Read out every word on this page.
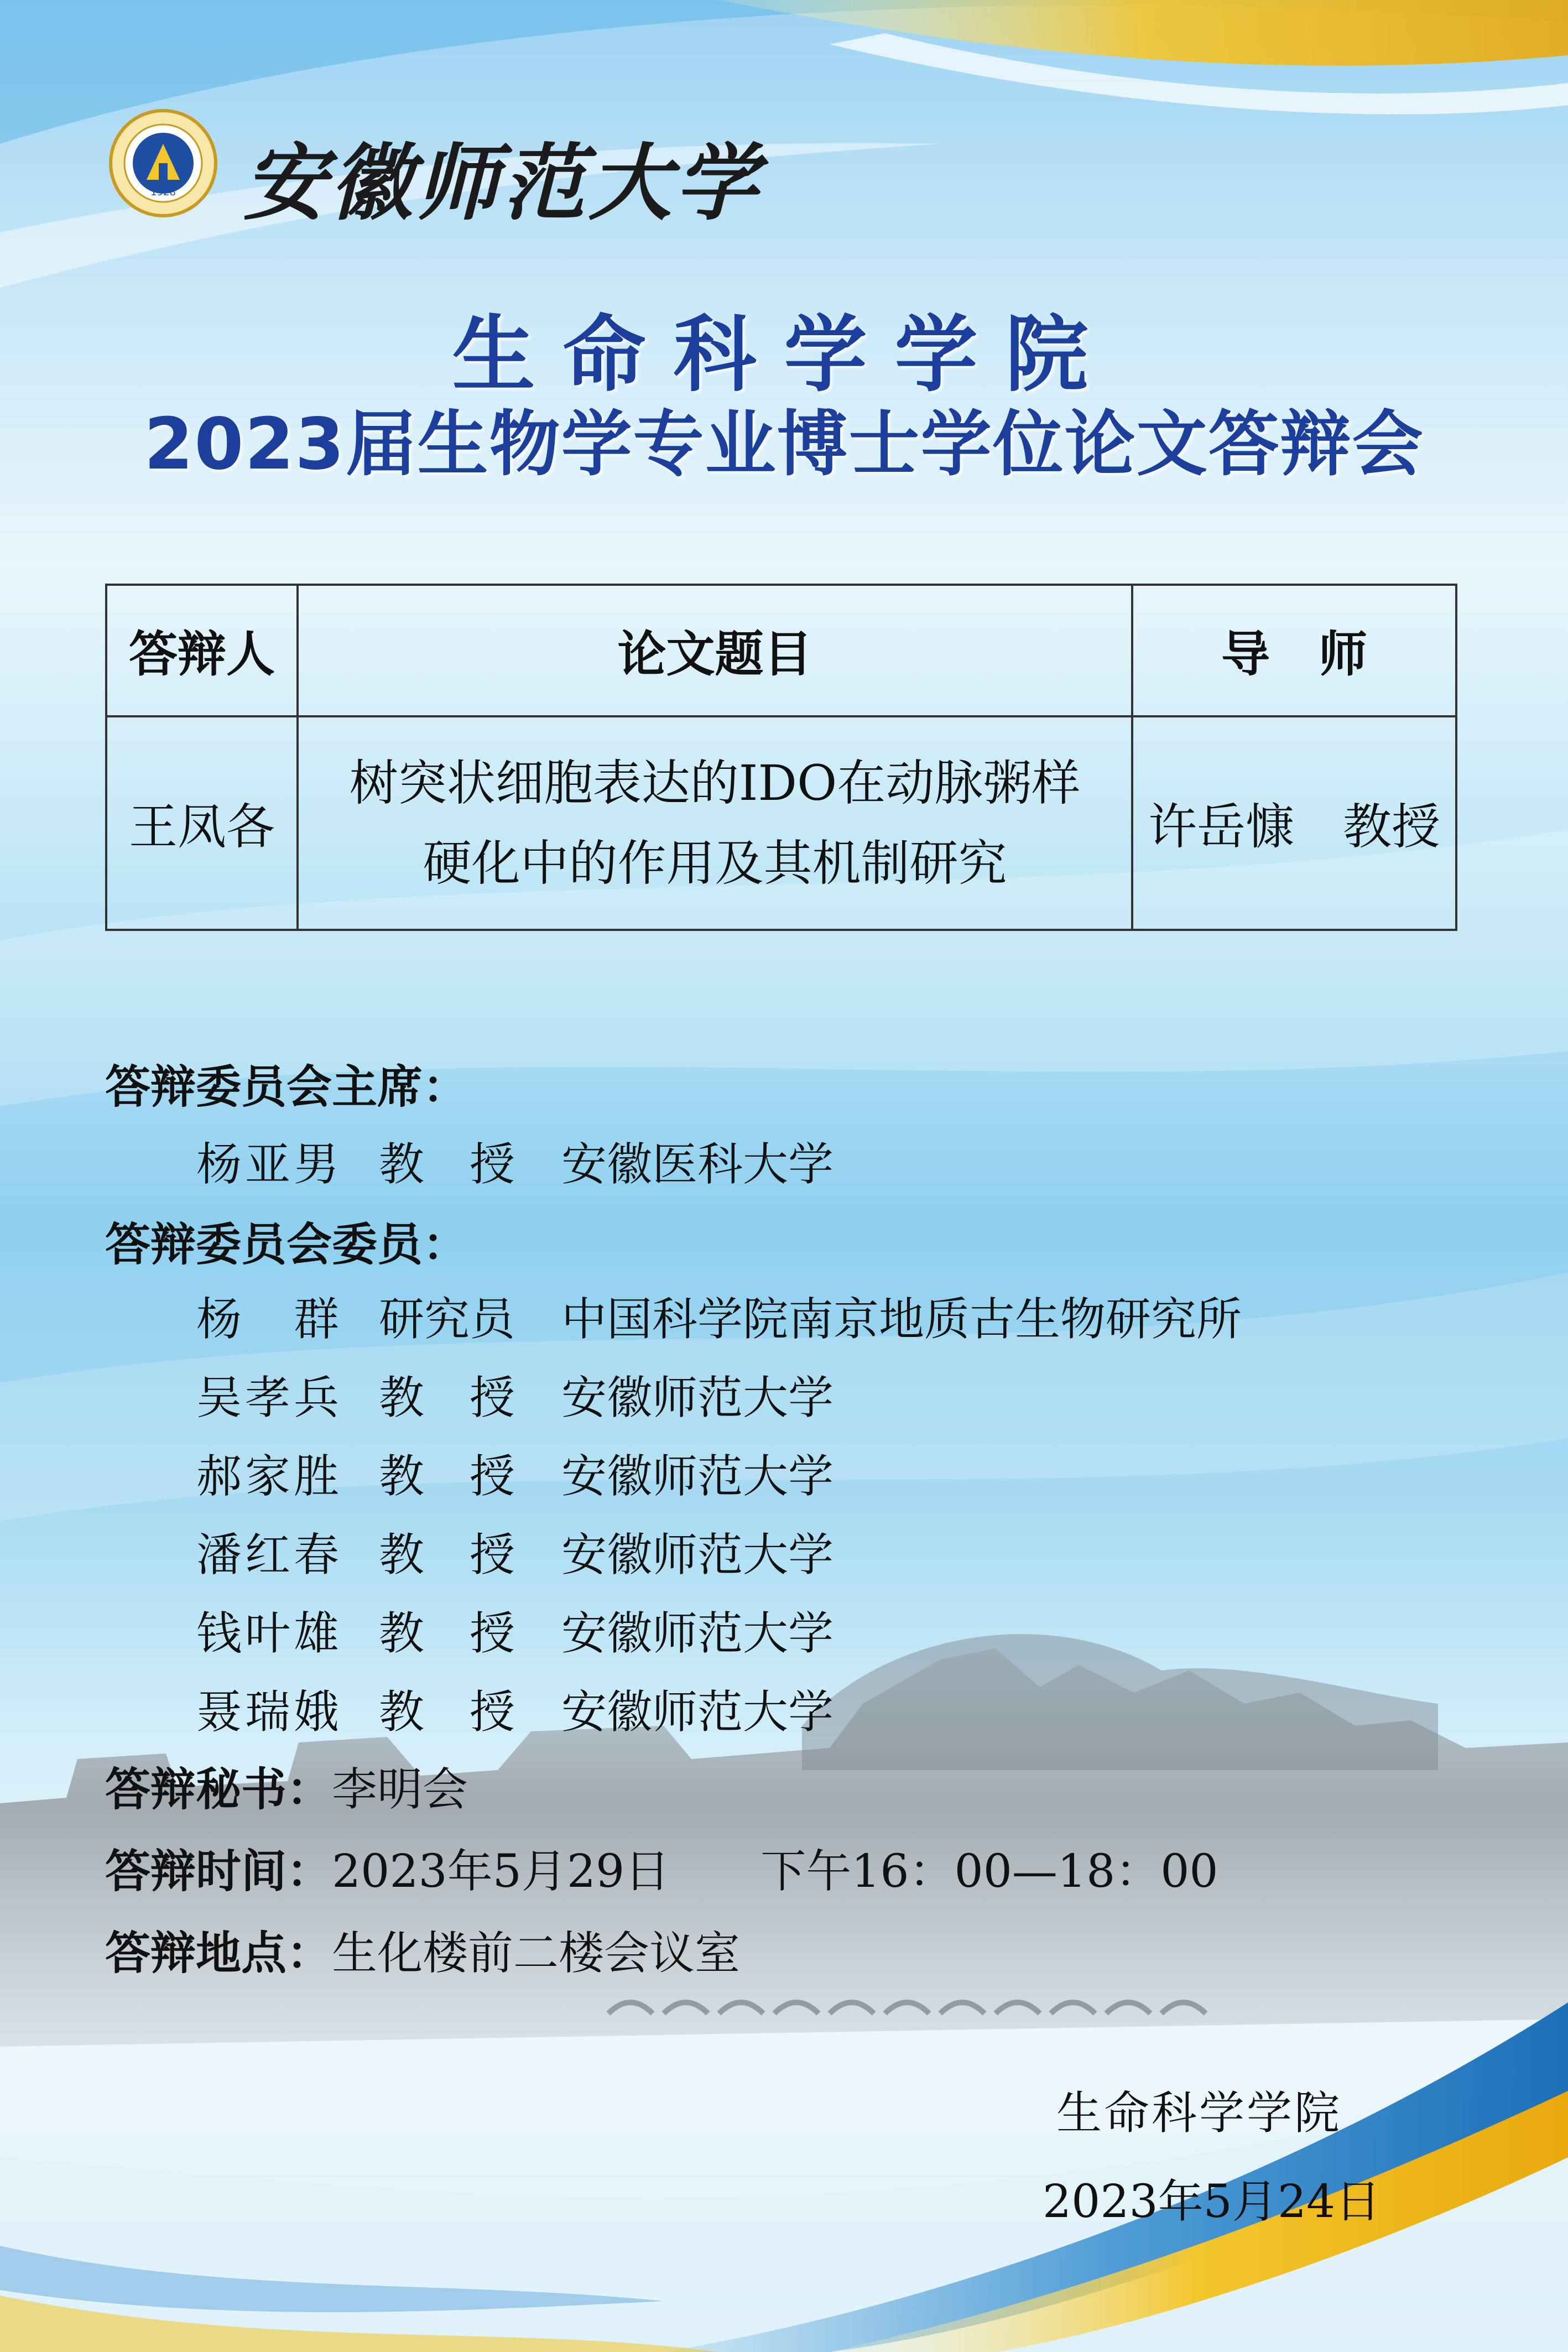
1928 安徽师范大学
生命科学学院
2023届生物学专业博士学位论文答辩会
答辩人	论文题目	导　师
王凤各	树突状细胞表达的IDO在动脉粥样
硬化中的作用及其机制研究	许岳慷　教授
答辩委员会主席：
杨亚男 教　授 安徽医科大学
答辩委员会委员：
杨　群 研究员 中国科学院南京地质古生物研究所
吴孝兵 教　授 安徽师范大学
郝家胜 教　授 安徽师范大学
潘红春 教　授 安徽师范大学
钱叶雄 教　授 安徽师范大学
聂瑞娥 教　授 安徽师范大学
答辩秘书：李明会
答辩时间：2023年5月29日　　下午16：00—18：00
答辩地点：生化楼前二楼会议室
生命科学学院
2023年5月24日
